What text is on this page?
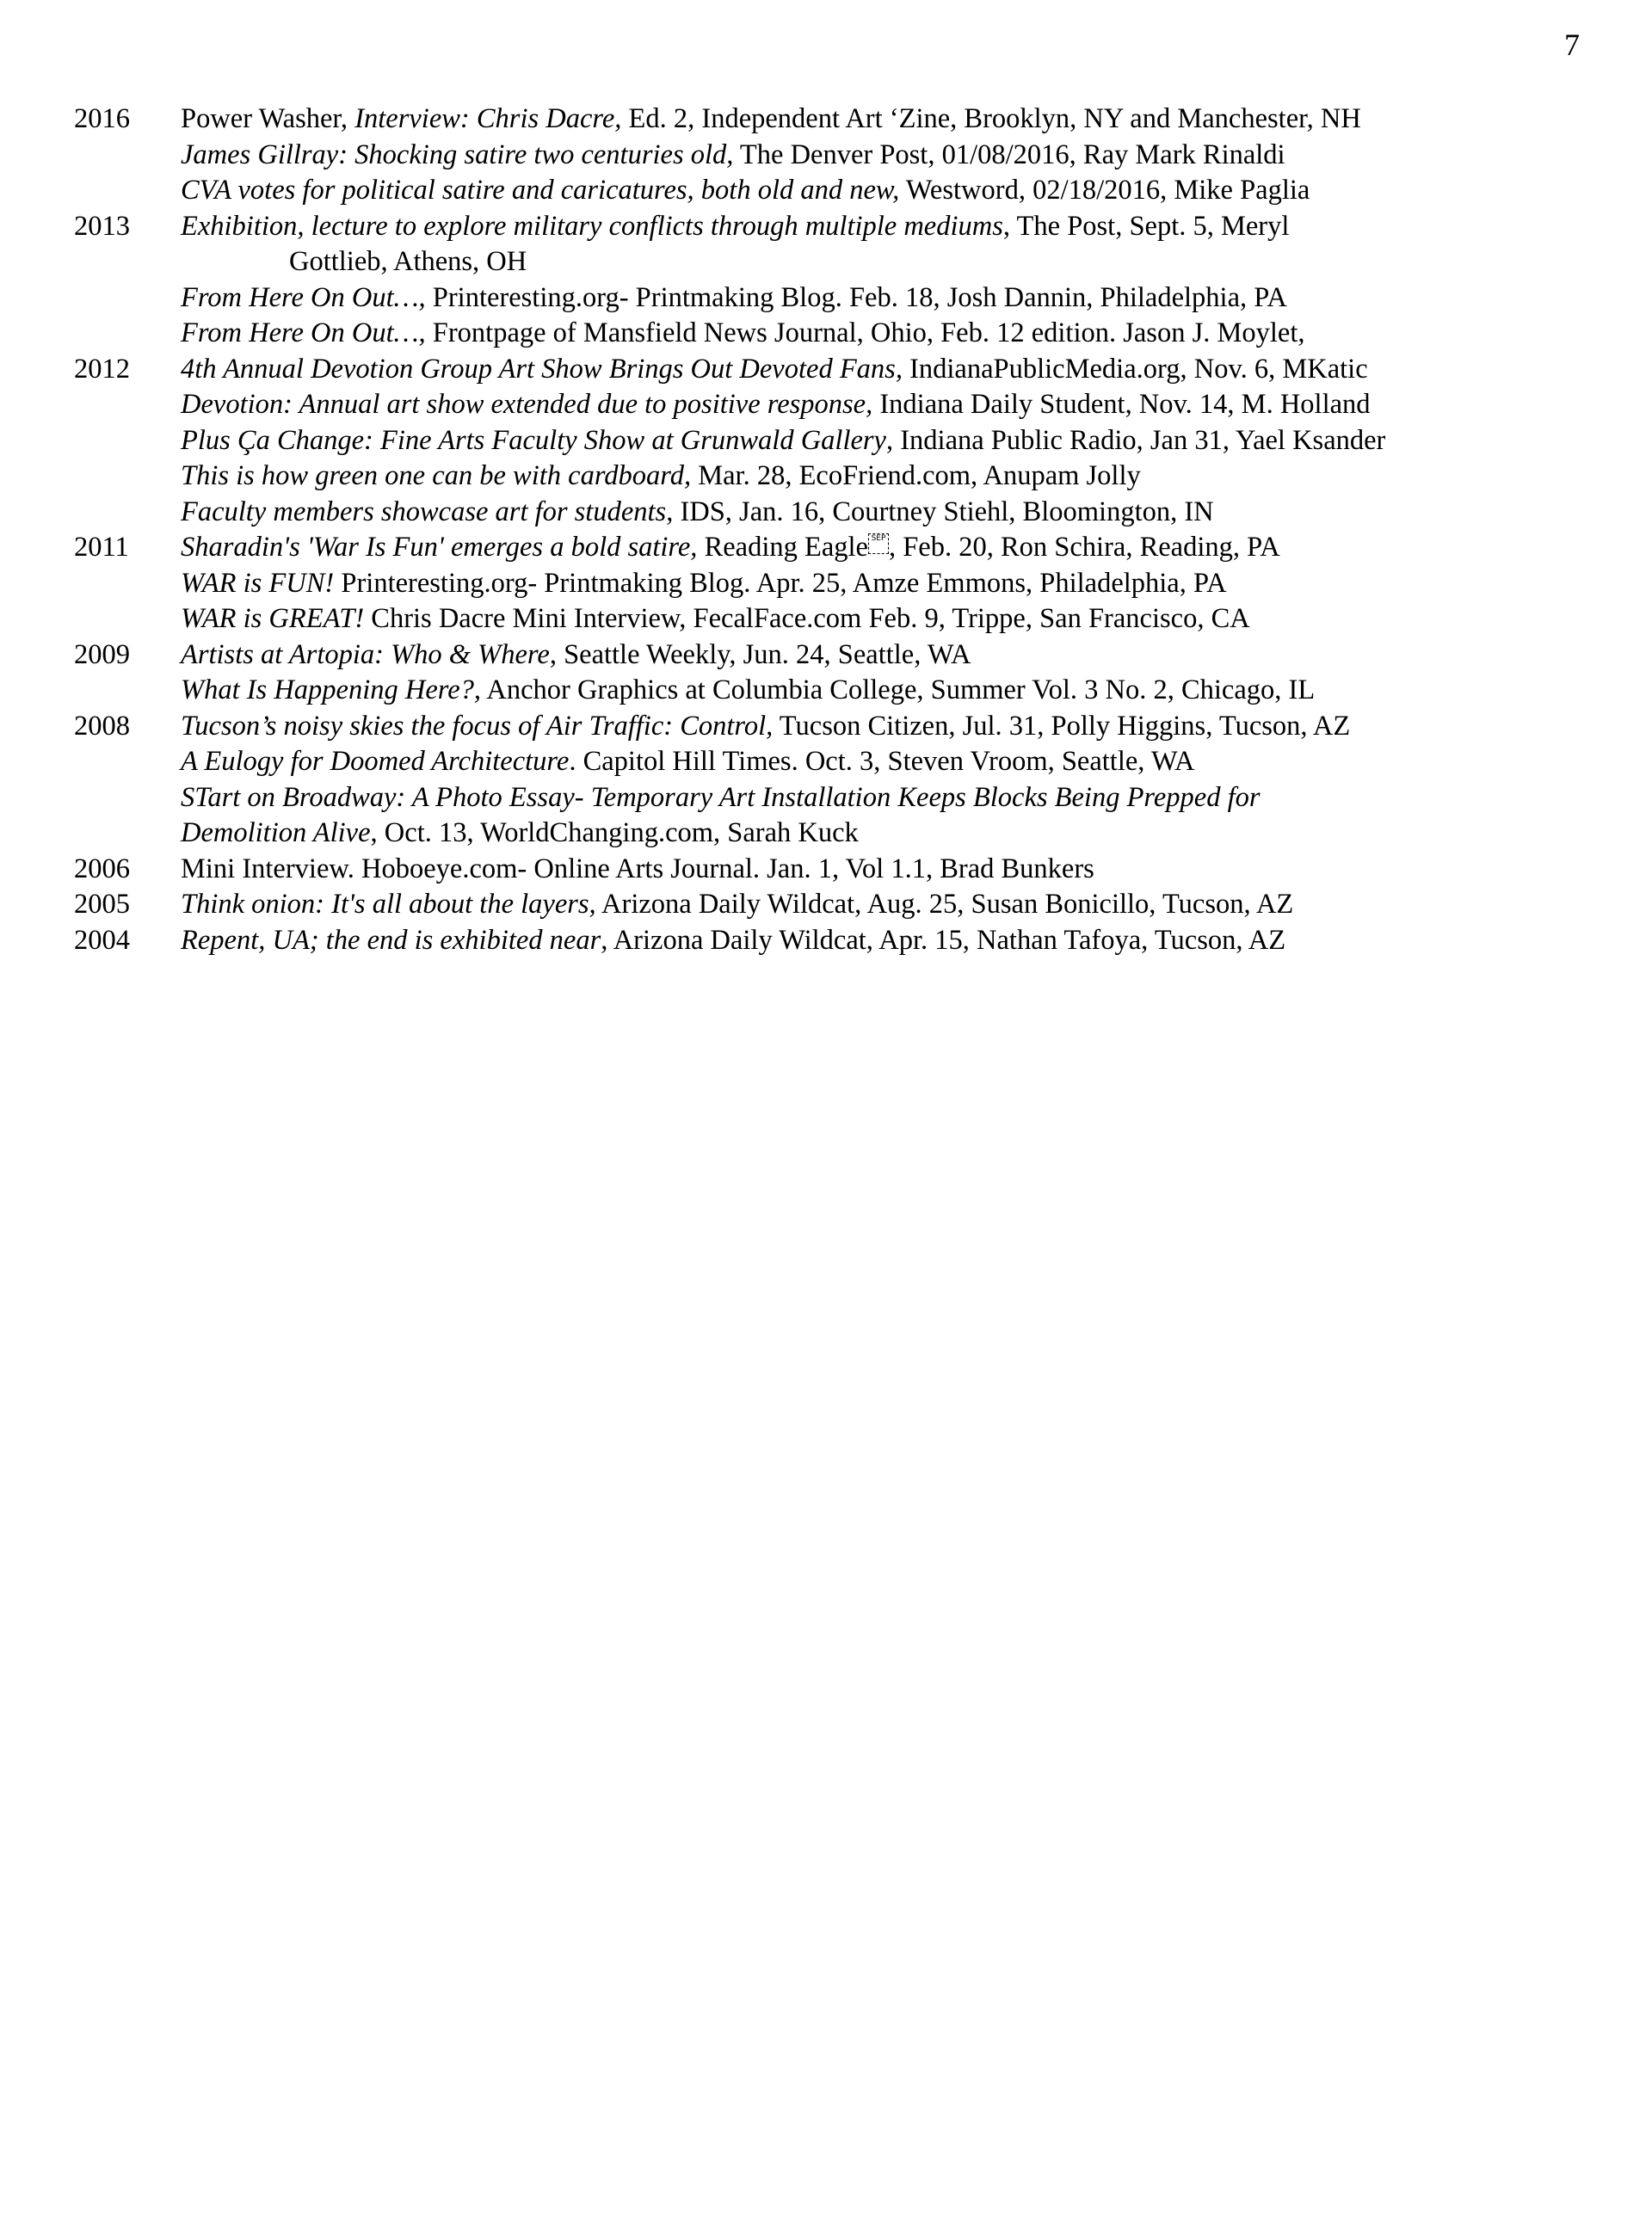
7
2016 Power Washer, Interview: Chris Dacre, Ed. 2, Independent Art ‘Zine, Brooklyn, NY and Manchester, NH
James Gillray: Shocking satire two centuries old, The Denver Post, 01/08/2016, Ray Mark Rinaldi
CVA votes for political satire and caricatures, both old and new, Westword, 02/18/2016, Mike Paglia
2013 Exhibition, lecture to explore military conflicts through multiple mediums, The Post, Sept. 5, Meryl
Gottlieb, Athens, OH
From Here On Out…, Printeresting.org- Printmaking Blog. Feb. 18, Josh Dannin, Philadelphia, PA
From Here On Out…, Frontpage of Mansfield News Journal, Ohio, Feb. 12 edition. Jason J. Moylet,
2012 4th Annual Devotion Group Art Show Brings Out Devoted Fans, IndianaPublicMedia.org, Nov. 6, MKatic
Devotion: Annual art show extended due to positive response, Indiana Daily Student, Nov. 14, M. Holland
Plus Ça Change: Fine Arts Faculty Show at Grunwald Gallery, Indiana Public Radio, Jan 31, Yael Ksander
This is how green one can be with cardboard, Mar. 28, EcoFriend.com, Anupam Jolly
Faculty members showcase art for students, IDS, Jan. 16, Courtney Stiehl, Bloomington, IN
2011 Sharadin's 'War Is Fun' emerges a bold satire, Reading Eagle SEP , Feb. 20, Ron Schira, Reading, PA
WAR is FUN! Printeresting.org- Printmaking Blog. Apr. 25, Amze Emmons, Philadelphia, PA
WAR is GREAT! Chris Dacre Mini Interview, FecalFace.com Feb. 9, Trippe, San Francisco, CA
2009 Artists at Artopia: Who & Where, Seattle Weekly, Jun. 24, Seattle, WA
What Is Happening Here?, Anchor Graphics at Columbia College, Summer Vol. 3 No. 2, Chicago, IL
2008 Tucson’s noisy skies the focus of Air Traffic: Control, Tucson Citizen, Jul. 31, Polly Higgins, Tucson, AZ
A Eulogy for Doomed Architecture. Capitol Hill Times. Oct. 3, Steven Vroom, Seattle, WA
STart on Broadway: A Photo Essay- Temporary Art Installation Keeps Blocks Being Prepped for
Demolition Alive, Oct. 13, WorldChanging.com, Sarah Kuck
2006 Mini Interview. Hoboeye.com- Online Arts Journal. Jan. 1, Vol 1.1, Brad Bunkers
2005 Think onion: It's all about the layers, Arizona Daily Wildcat, Aug. 25, Susan Bonicillo, Tucson, AZ
2004 Repent, UA; the end is exhibited near, Arizona Daily Wildcat, Apr. 15, Nathan Tafoya, Tucson, AZ
